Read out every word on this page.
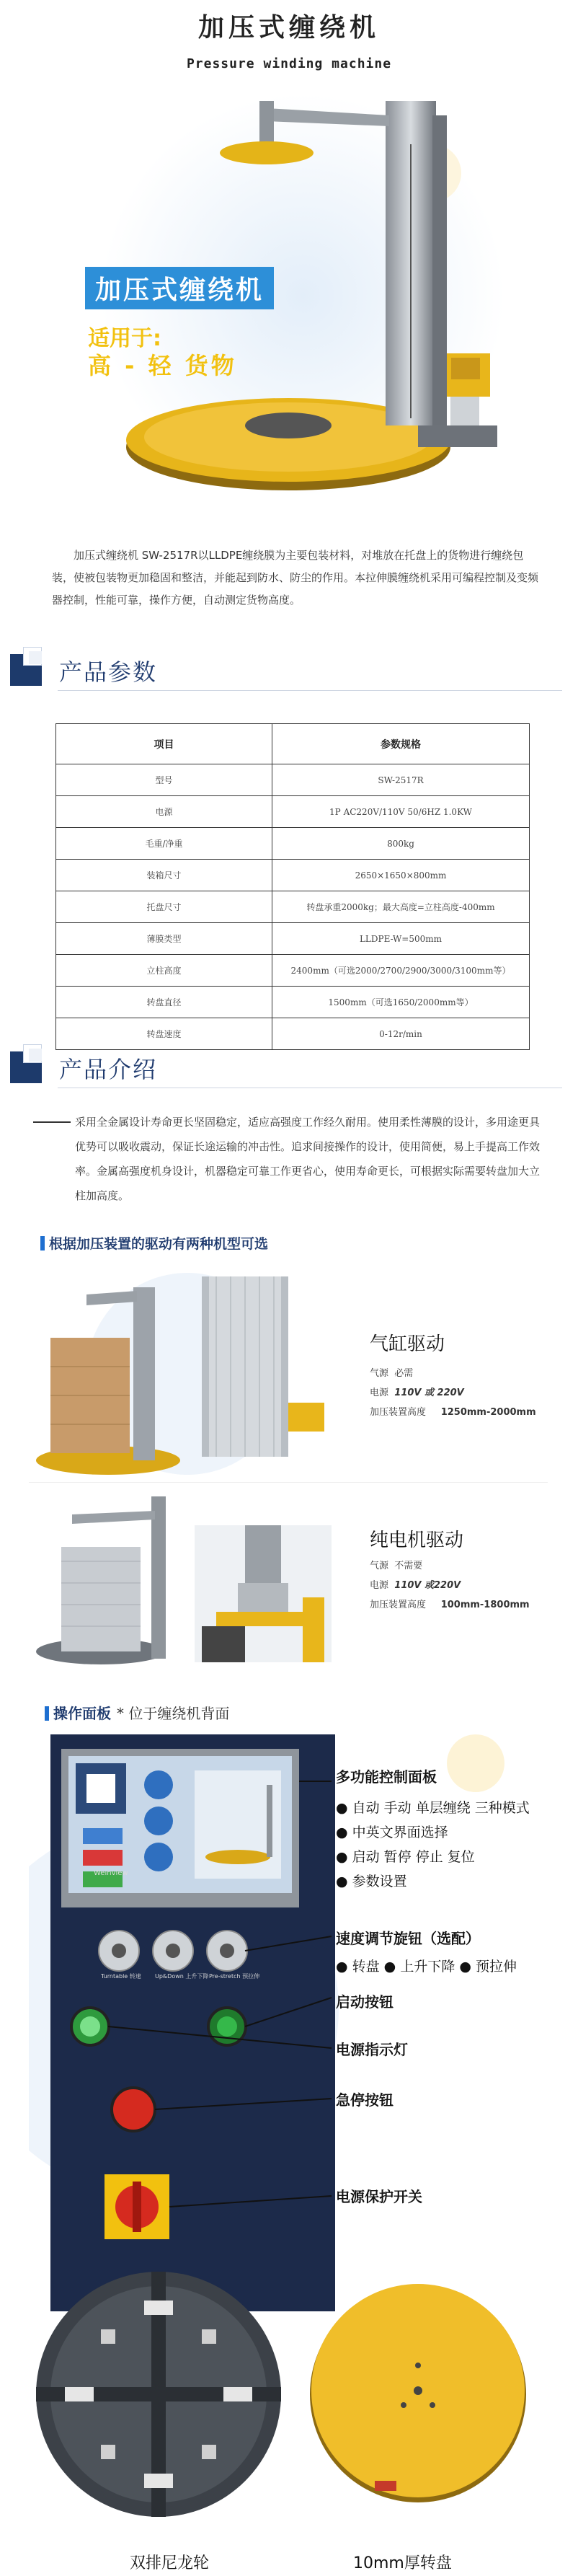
加压式缠绕机
Pressure winding machine
加压式缠绕机
适用于:
高 - 轻 货物

加压式缠绕机 SW-2517R以LLDPE缠绕膜为主要包装材料，对堆放在托盘上的货物进行缠绕包装，使被包装物更加稳固和整洁，并能起到防水、防尘的作用。本拉伸膜缠绕机采用可编程控制及变频器控制，性能可靠，操作方便，自动测定货物高度。

产品参数
项目	参数规格
型号	SW-2517R
电源	1P AC220V/110V 50/6HZ 1.0KW
毛重/净重	800kg
装箱尺寸	2650×1650×800mm
托盘尺寸	转盘承重2000kg；最大高度=立柱高度-400mm
薄膜类型	LLDPE-W=500mm
立柱高度	2400mm（可选2000/2700/2900/3000/3100mm等）
转盘直径	1500mm（可选1650/2000mm等）
转盘速度	0-12r/min
产品介绍

采用全金属设计寿命更长坚固稳定，适应高强度工作经久耐用。使用柔性薄膜的设计，多用途更具优势可以吸收震动，保证长途运输的冲击性。追求间接操作的设计，使用简便，易上手提高工作效率。金属高强度机身设计，机器稳定可靠工作更省心，使用寿命更长，可根据实际需要转盘加大立柱加高度。

根据加压装置的驱动有两种机型可选
气缸驱动
气源 必需
电源 110V 或 220V
加压装置高度 1250mm-2000mm
纯电机驱动
气源 不需要
电源 110V 或220V
加压装置高度 100mm-1800mm
操作面板 * 位于缠绕机背面
Weinview
Turntable 转速 Up&Down 上升下降 Pre-stretch 预拉伸
多功能控制面板
● 自动 手动 单层缠绕 三种模式
● 中英文界面选择
● 启动 暂停 停止 复位
● 参数设置
速度调节旋钮（选配）
● 转盘 ● 上升下降 ● 预拉伸
启动按钮
电源指示灯
急停按钮
电源保护开关
双排尼龙轮	10mm厚转盘
